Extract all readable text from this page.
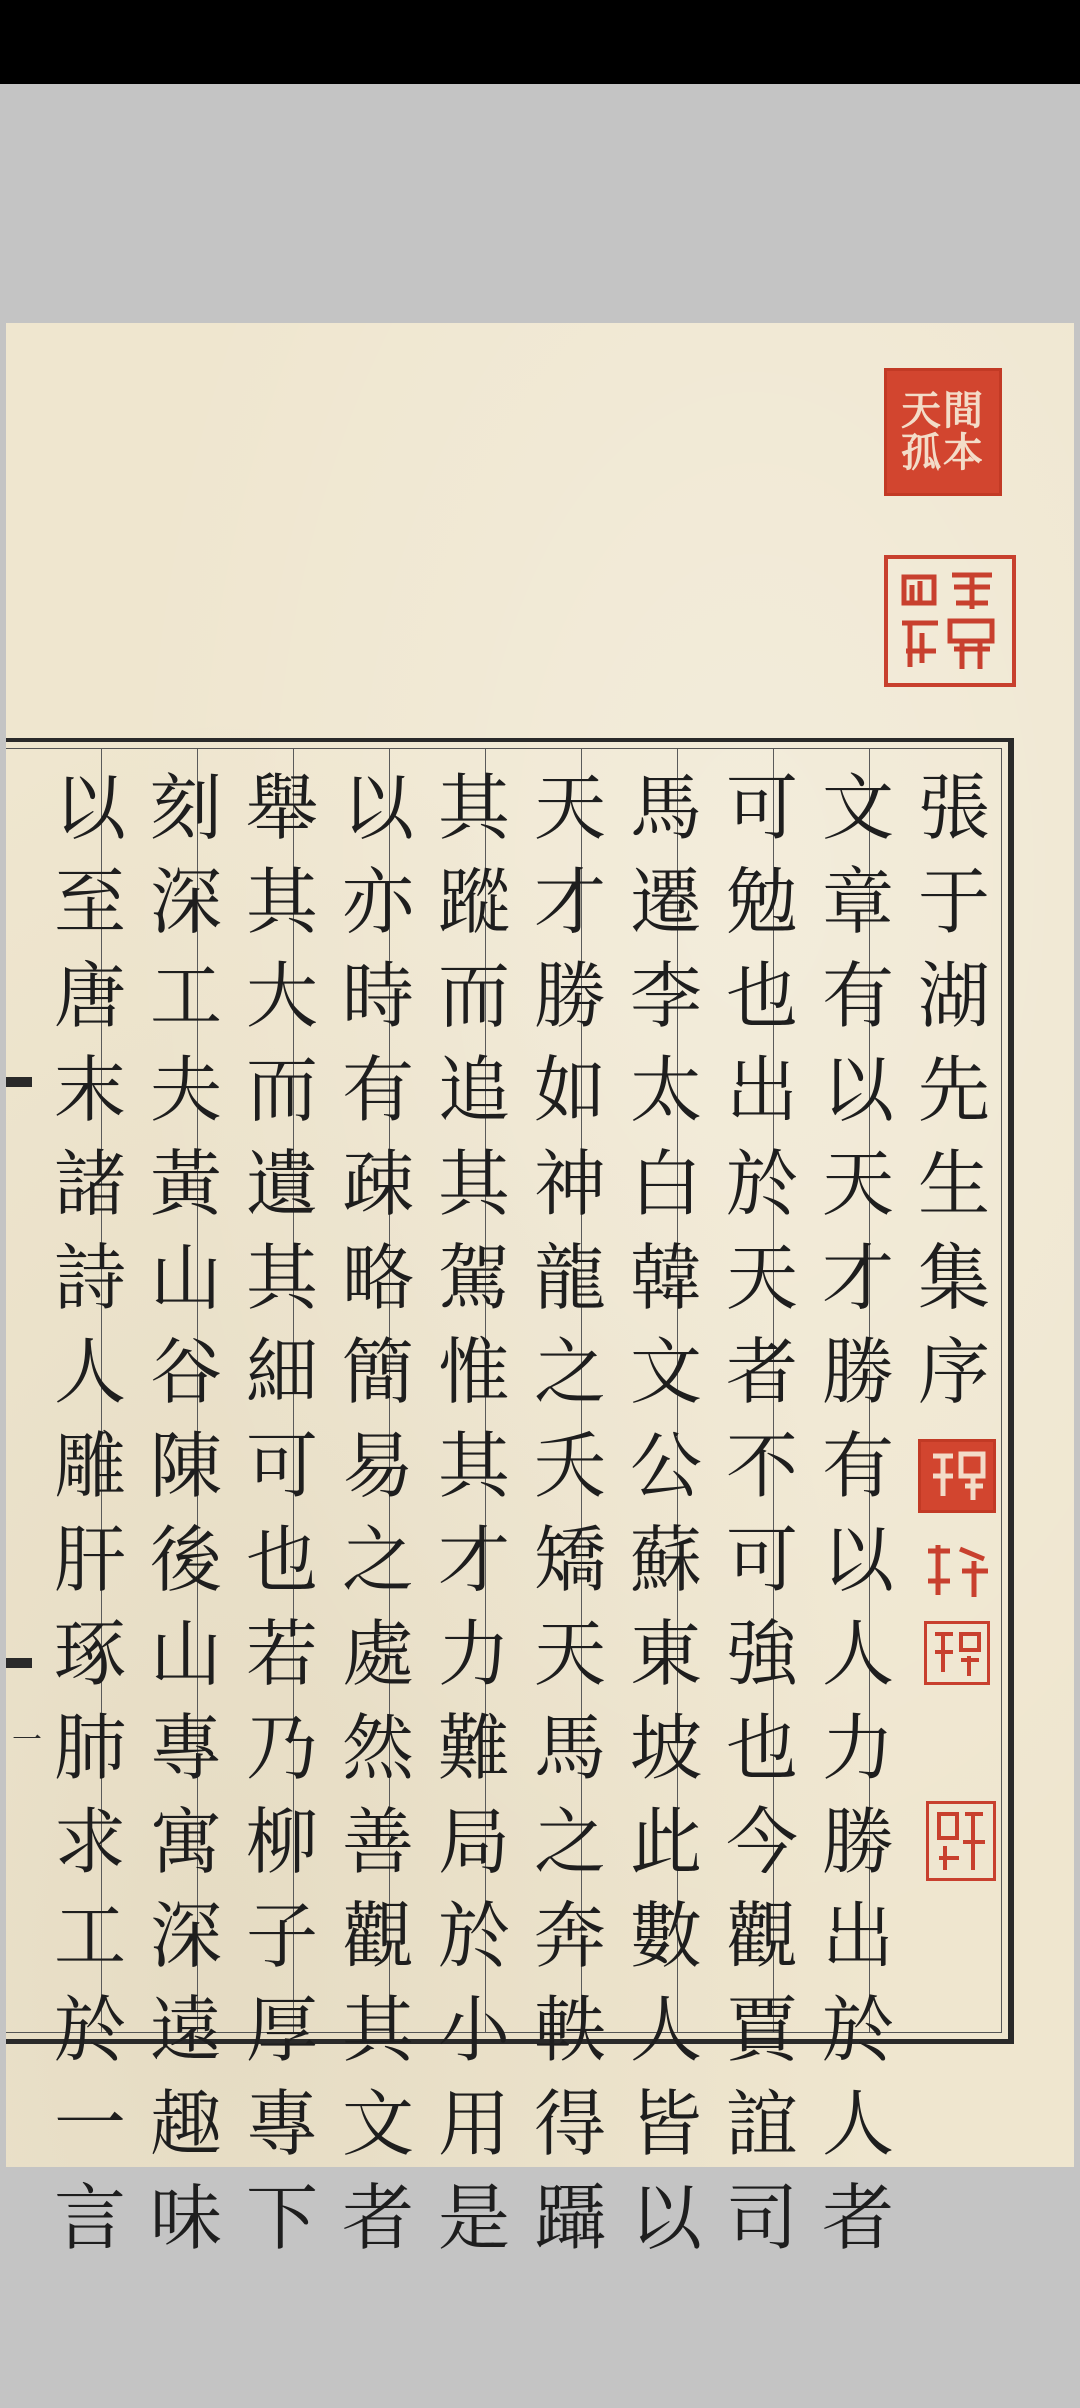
天間
孤本
張
于
湖
先
生
集
序
文
章
有
以
天
才
勝
有
以
人
力
勝
出
於
人
者
可
勉
也
出
於
天
者
不
可
強
也
今
觀
賈
誼
司
馬
遷
李
太
白
韓
文
公
蘇
東
坡
此
數
人
皆
以
天
才
勝
如
神
龍
之
夭
矯
天
馬
之
奔
軼
得
躡
其
蹤
而
追
其
駕
惟
其
才
力
難
局
於
小
用
是
以
亦
時
有
疎
略
簡
易
之
處
然
善
觀
其
文
者
舉
其
大
而
遺
其
細
可
也
若
乃
柳
子
厚
專
下
刻
深
工
夫
黃
山
谷
陳
後
山
專
寓
深
遠
趣
味
以
至
唐
末
諸
詩
人
雕
肝
琢
肺
求
工
於
一
言
一
